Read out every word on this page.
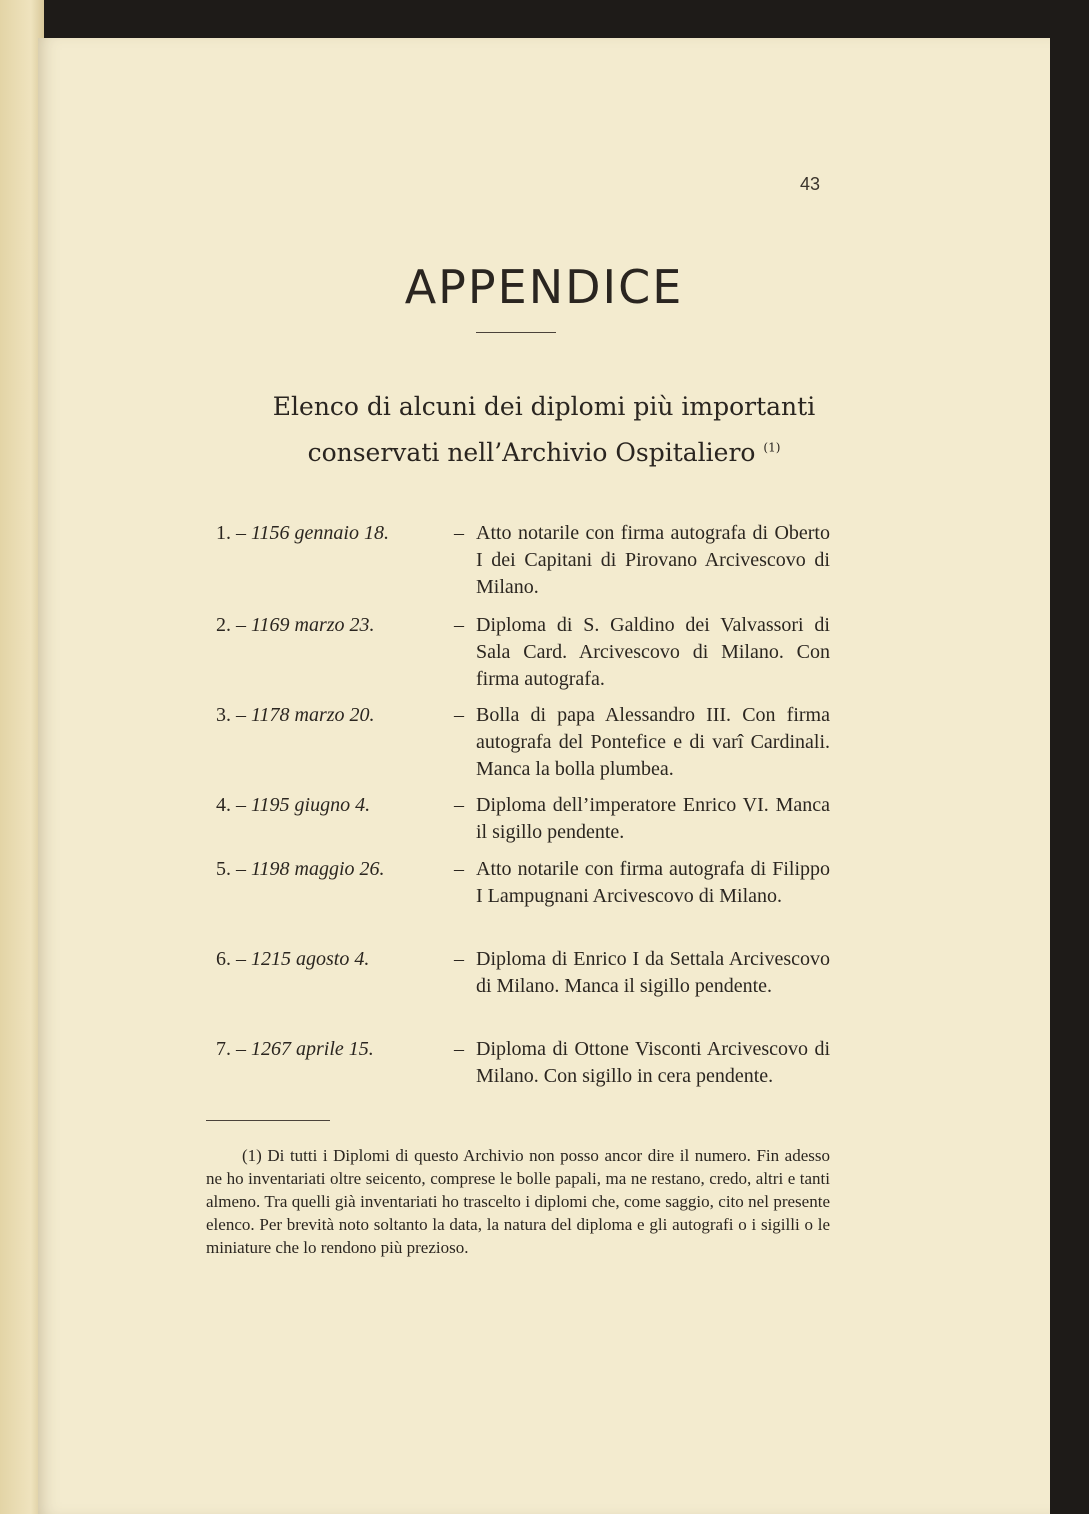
43
APPENDICE
Elenco di alcuni dei diplomi più importanti
conservati nell’Archivio Ospitaliero $^{(1)}$
1. – 1156 gennaio 18.	– Atto notarile con firma autografa di Oberto I dei Capitani di Pirovano Arcivescovo di Milano.
2. – 1169 marzo 23.	– Diploma di S. Galdino dei Valvassori di Sala Card. Arcivescovo di Milano. Con firma autografa.
3. – 1178 marzo 20.	– Bolla di papa Alessandro III. Con firma autografa del Pontefice e di varî Cardinali. Manca la bolla plumbea.
4. – 1195 giugno 4.	– Diploma dell’imperatore Enrico VI. Manca il sigillo pendente.
5. – 1198 maggio 26.	– Atto notarile con firma autografa di Filippo I Lampugnani Arcivescovo di Milano.
6. – 1215 agosto 4.	– Diploma di Enrico I da Settala Arcivescovo di Milano. Manca il sigillo pendente.
7. – 1267 aprile 15.	– Diploma di Ottone Visconti Arcivescovo di Milano. Con sigillo in cera pendente.
(1) Di tutti i Diplomi di questo Archivio non posso ancor dire il numero. Fin adesso ne ho inventariati oltre seicento, comprese le bolle papali, ma ne restano, credo, altri e tanti almeno. Tra quelli già inventariati ho trascelto i diplomi che, come saggio, cito nel presente elenco. Per brevità noto soltanto la data, la natura del diploma e gli autografi o i sigilli o le miniature che lo rendono più prezioso.
